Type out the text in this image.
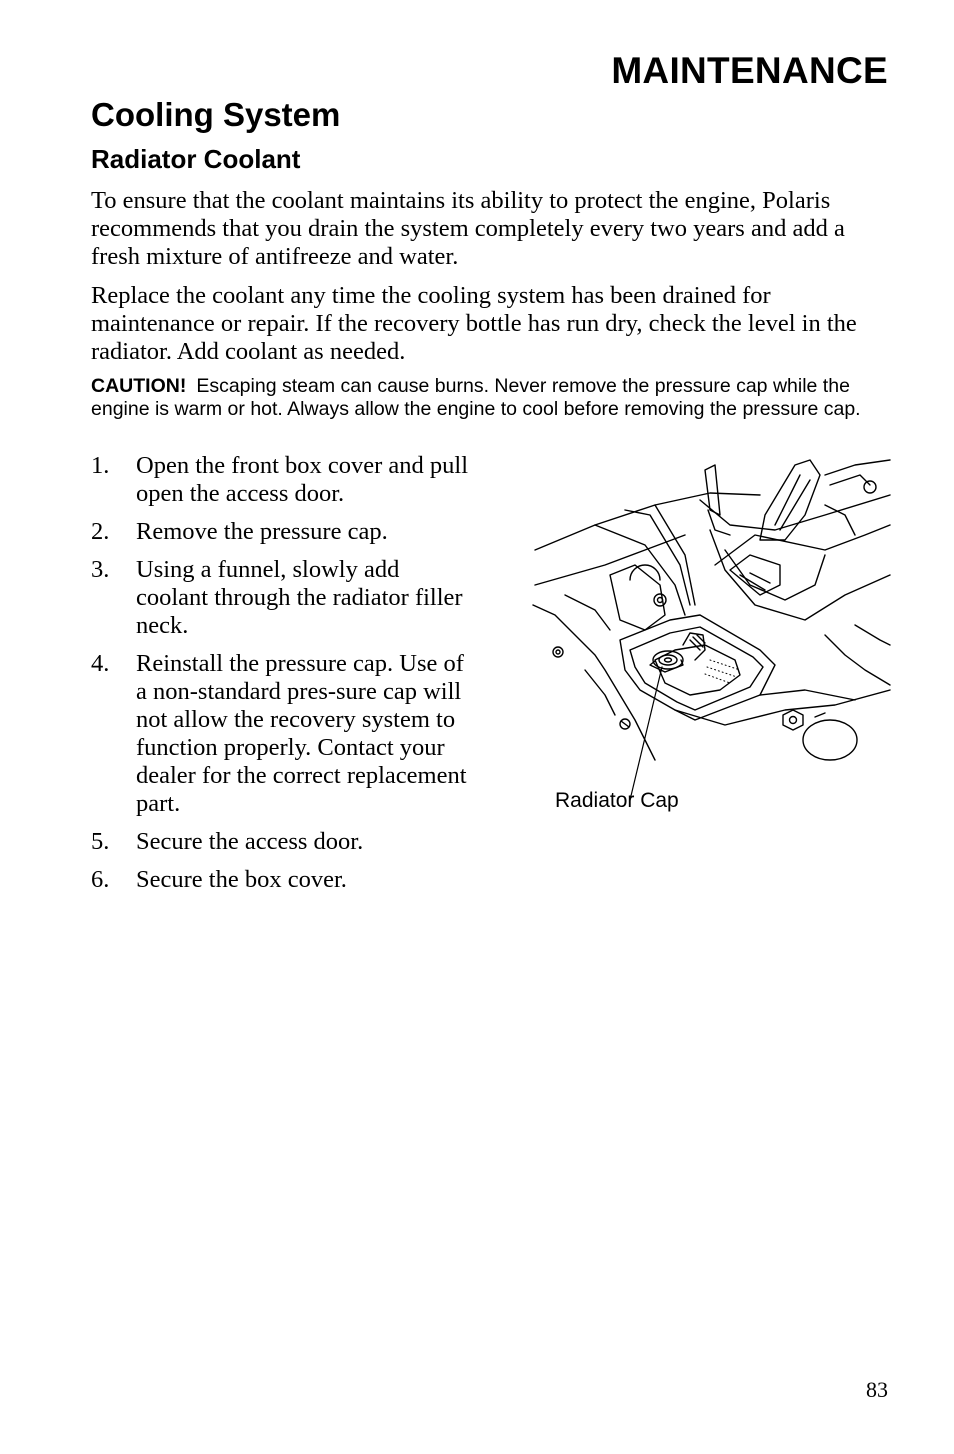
MAINTENANCE
Cooling System
Radiator Coolant

To ensure that the coolant maintains its ability to protect the engine, Polaris recommends that you drain the system completely every two years and add a fresh mixture of antifreeze and water.

Replace the coolant any time the cooling system has been drained for maintenance or repair. If the recovery bottle has run dry, check the level in the radiator. Add coolant as needed.

CAUTION! Escaping steam can cause burns. Never remove the pressure cap while the engine is warm or hot. Always allow the engine to cool before removing the pressure cap.

1. Open the front box cover and pull open the access door.
2. Remove the pressure cap.
3. Using a funnel, slowly add coolant through the radiator filler neck.
4. Reinstall the pressure cap. Use of a non-standard pres-sure cap will not allow the recovery system to function properly. Contact your dealer for the correct replacement part.
5. Secure the access door.
6. Secure the box cover.

Radiator Cap

83
